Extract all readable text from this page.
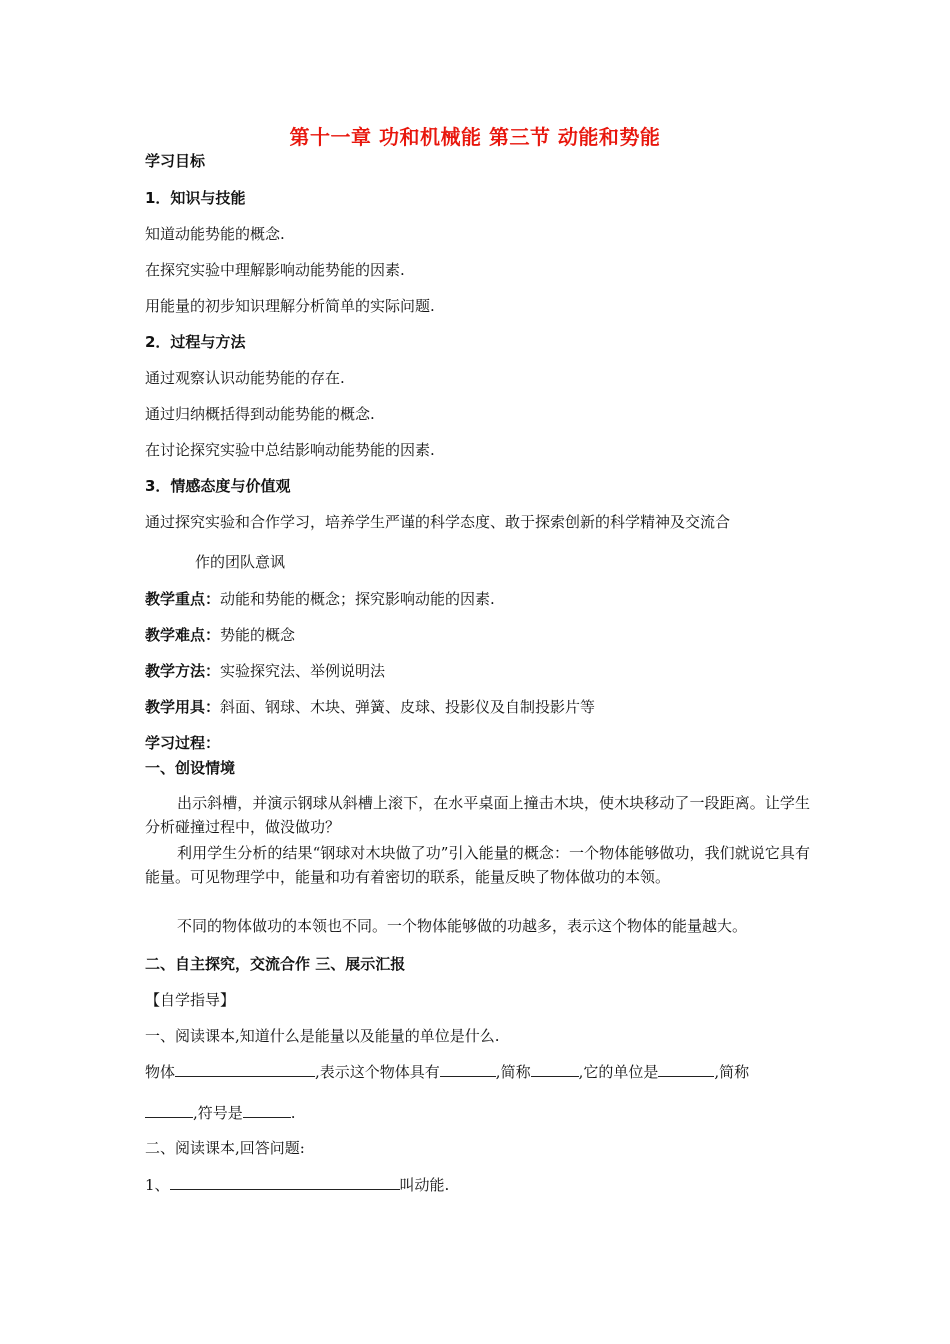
第十一章 功和机械能 第三节 动能和势能
学习目标
1．知识与技能
知道动能势能的概念.
在探究实验中理解影响动能势能的因素.
用能量的初步知识理解分析简单的实际问题.
2．过程与方法
通过观察认识动能势能的存在.
通过归纳概括得到动能势能的概念.
在讨论探究实验中总结影响动能势能的因素.
3．情感态度与价值观
通过探究实验和合作学习，培养学生严谨的科学态度、敢于探索创新的科学精神及交流合
作的团队意讽
教学重点：动能和势能的概念；探究影响动能的因素.
教学难点：势能的概念
教学方法：实验探究法、举例说明法
教学用具：斜面、钢球、木块、弹簧、皮球、投影仪及自制投影片等
学习过程：
一、创设情境
出示斜槽，并演示钢球从斜槽上滚下，在水平桌面上撞击木块，使木块移动了一段距离。让学生分析碰撞过程中，做没做功？
利用学生分析的结果“钢球对木块做了功”引入能量的概念：一个物体能够做功，我们就说它具有能量。可见物理学中，能量和功有着密切的联系，能量反映了物体做功的本领。
不同的物体做功的本领也不同。一个物体能够做的功越多，表示这个物体的能量越大。
二、自主探究，交流合作 三、展示汇报
【自学指导】
一、阅读课本,知道什么是能量以及能量的单位是什么.
物体	,表示这个物体具有	,简称	,它的单位是	,简称
,符号是	.
二、阅读课本,回答问题:
1、	叫动能.
